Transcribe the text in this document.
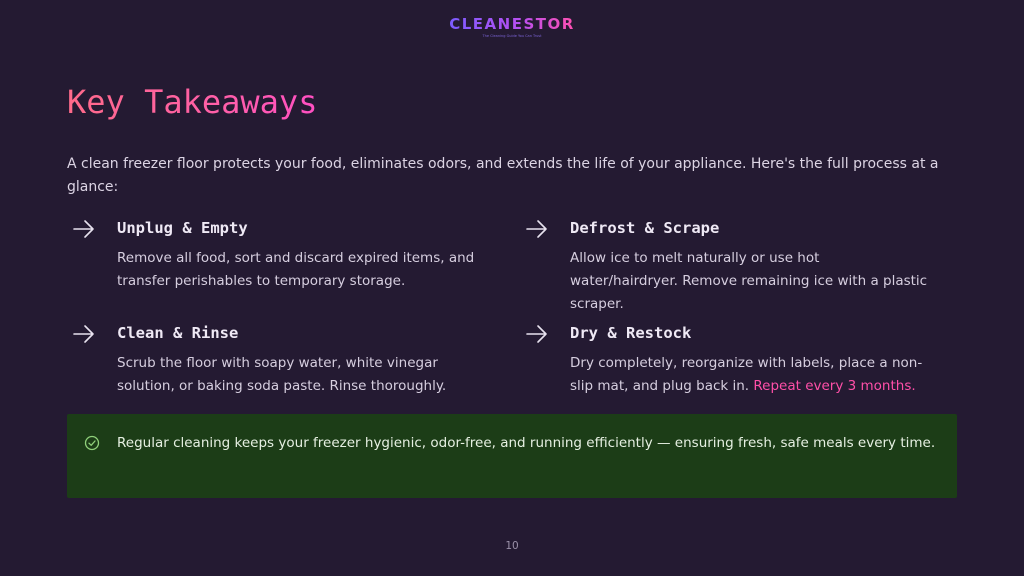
CLEANESTOR
The Cleaning Guide You Can Trust
Key Takeaways

A clean freezer floor protects your food, eliminates odors, and extends the life of your appliance. Here's the full process at a glance:

Unplug & Empty

Remove all food, sort and discard expired items, and transfer perishables to temporary storage.

Defrost & Scrape

Allow ice to melt naturally or use hot water/hairdryer. Remove remaining ice with a plastic scraper.

Clean & Rinse

Scrub the floor with soapy water, white vinegar solution, or baking soda paste. Rinse thoroughly.

Dry & Restock

Dry completely, reorganize with labels, place a non-slip mat, and plug back in. Repeat every 3 months.

Regular cleaning keeps your freezer hygienic, odor-free, and running efficiently — ensuring fresh, safe meals every time.

10
